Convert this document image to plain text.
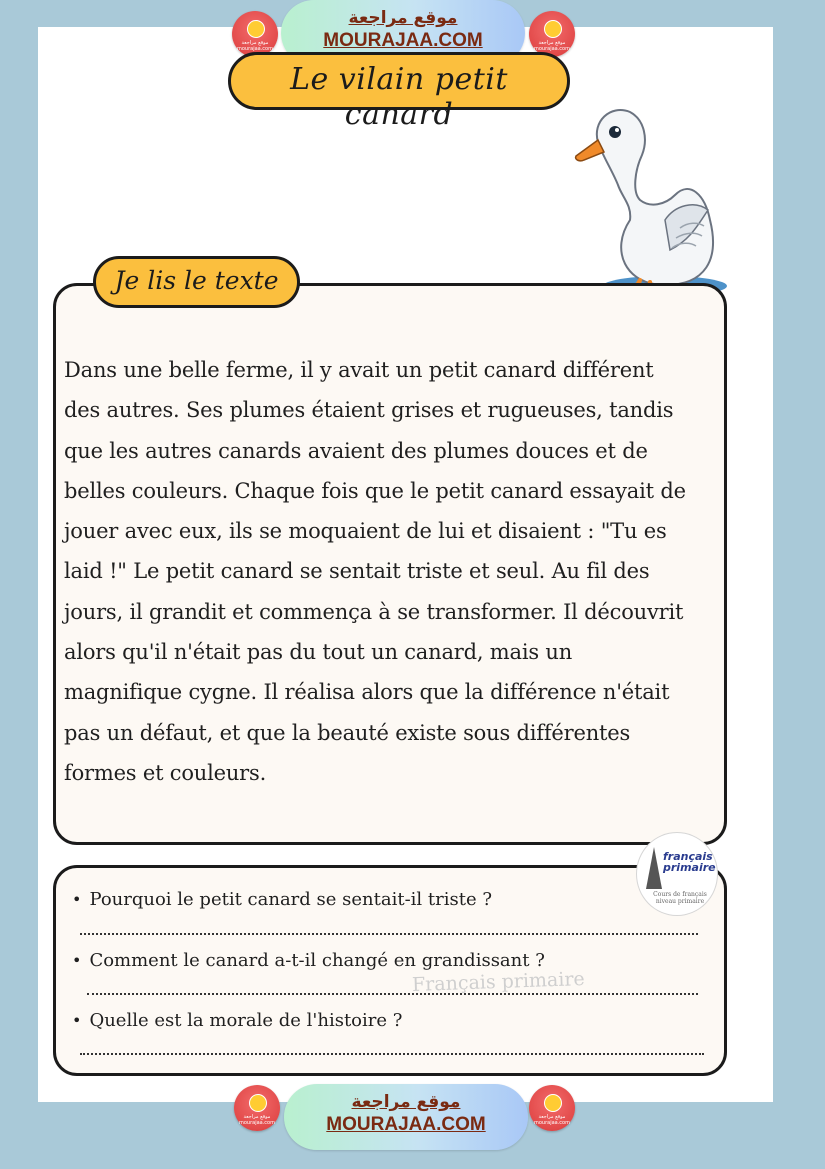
موقع مراجعة
mourajaa.com
موقع مراجعة
MOURAJAA.COM	موقع مراجعة
mourajaa.com
Le vilain petit canard
Je lis le texte

Dans une belle ferme, il y avait un petit canard différent
des autres. Ses plumes étaient grises et rugueuses, tandis
que les autres canards avaient des plumes douces et de
belles couleurs. Chaque fois que le petit canard essayait de
jouer avec eux, ils se moquaient de lui et disaient : "Tu es
laid !" Le petit canard se sentait triste et seul. Au fil des
jours, il grandit et commença à se transformer. Il découvrit
alors qu'il n'était pas du tout un canard, mais un
magnifique cygne. Il réalisa alors que la différence n'était
pas un défaut, et que la beauté existe sous différentes
formes et couleurs.

• Pourquoi le petit canard se sentait-il triste ?
• Comment le canard a-t-il changé en grandissant ?
• Quelle est la morale de l'histoire ?
Français primaire
français
primaire
Cours de français niveau primaire
موقع مراجعة
mourajaa.com
موقع مراجعة
MOURAJAA.COM	موقع مراجعة
mourajaa.com
